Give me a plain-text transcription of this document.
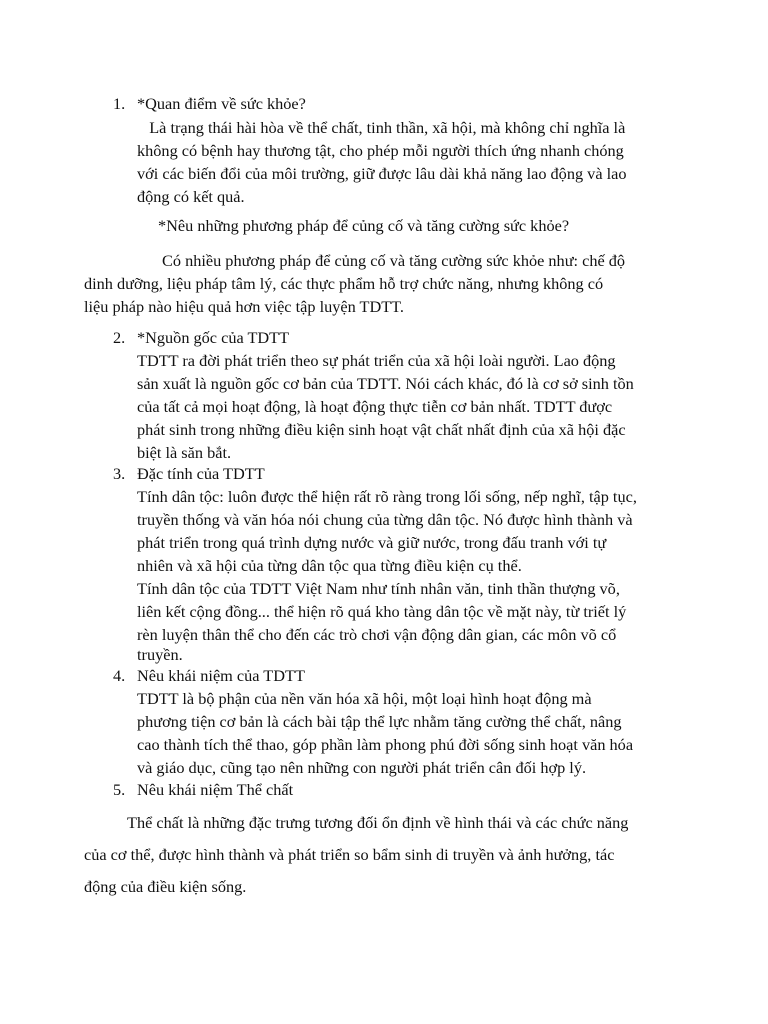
1. *Quan điểm về sức khỏe?

Là trạng thái hài hòa về thể chất, tinh thần, xã hội, mà không chỉ nghĩa là

không có bệnh hay thương tật, cho phép mỗi người thích ứng nhanh chóng

với các biến đổi của môi trường, giữ được lâu dài khả năng lao động và lao

động có kết quả.

*Nêu những phương pháp để củng cố và tăng cường sức khỏe?

Có nhiều phương pháp để củng cố và tăng cường sức khỏe như: chế độ

dinh dưỡng, liệu pháp tâm lý, các thực phẩm hỗ trợ chức năng, nhưng không có

liệu pháp nào hiệu quả hơn việc tập luyện TDTT.

2. *Nguồn gốc của TDTT

TDTT ra đời phát triển theo sự phát triển của xã hội loài người. Lao động

sản xuất là nguồn gốc cơ bản của TDTT. Nói cách khác, đó là cơ sở sinh tồn

của tất cả mọi hoạt động, là hoạt động thực tiễn cơ bản nhất. TDTT được

phát sinh trong những điều kiện sinh hoạt vật chất nhất định của xã hội đặc

biệt là săn bắt.

3. Đặc tính của TDTT

Tính dân tộc: luôn được thể hiện rất rõ ràng trong lối sống, nếp nghĩ, tập tục,

truyền thống và văn hóa nói chung của từng dân tộc. Nó được hình thành và

phát triển trong quá trình dựng nước và giữ nước, trong đấu tranh với tự

nhiên và xã hội của từng dân tộc qua từng điều kiện cụ thể.

Tính dân tộc của TDTT Việt Nam như tính nhân văn, tinh thần thượng võ,

liên kết cộng đồng... thể hiện rõ quá kho tàng dân tộc về mặt này, từ triết lý

rèn luyện thân thể cho đến các trò chơi vận động dân gian, các môn võ cổ

truyền.

4. Nêu khái niệm của TDTT

TDTT là bộ phận của nền văn hóa xã hội, một loại hình hoạt động mà

phương tiện cơ bản là cách bài tập thể lực nhằm tăng cường thể chất, nâng

cao thành tích thể thao, góp phần làm phong phú đời sống sinh hoạt văn hóa

và giáo dục, cũng tạo nên những con người phát triển cân đối hợp lý.

5. Nêu khái niệm Thể chất

Thể chất là những đặc trưng tương đối ổn định về hình thái và các chức năng

của cơ thể, được hình thành và phát triển so bẩm sinh di truyền và ảnh hưởng, tác

động của điều kiện sống.
